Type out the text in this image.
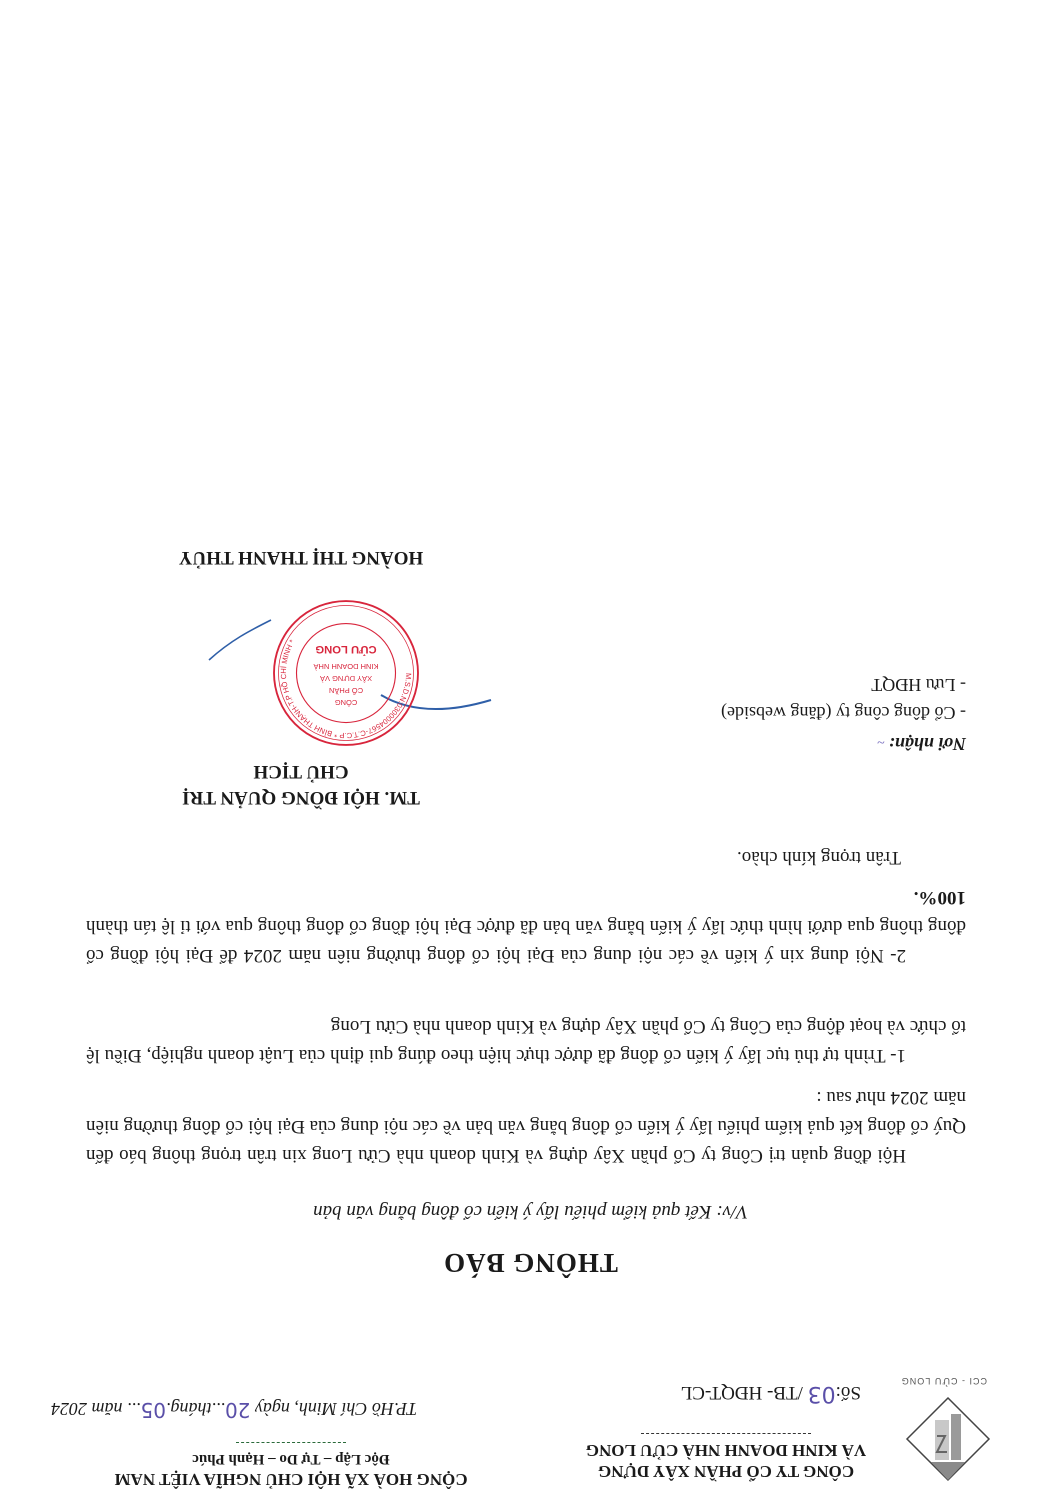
CCI - CỬU LONG
CÔNG TY CỔ PHẦN XÂY DỰNG
VÀ KINH DOANH NHÀ CỬU LONG
Số:03 /TB- HĐQT-CL
CỘNG HOÀ XÃ HỘI CHỦ NGHĨA VIỆT NAM
Độc Lập – Tự Do – Hạnh Phúc
TP.Hồ Chí Minh, ngày 20...tháng.05... năm 2024
THÔNG BÁO
V/v: Kết quả kiểm phiếu lấy ý kiến cổ đông bằng văn bản
Hội đồng quản trị Công ty Cổ phần Xây dựng và Kinh doanh nhà Cửu Long xin trân trọng thông báo đến Quý cổ đông kết quả kiểm phiếu lấy ý kiến cổ đông bằng văn bản về các nội dung của Đại hội cổ đông thường niên năm 2024 như sau :
1- Trình tự thủ tục lấy ý kiến cổ đông đã được thực hiện theo đúng qui định của Luật doanh nghiệp, Điều lệ tổ chức và hoạt động của Công ty Cổ phần Xây dựng và Kinh doanh nhà Cửu Long
2- Nội dung xin ý kiến về các nội dung của Đại hội cổ đông thường niên năm 2024 để Đại hội đồng cổ đông thông qua dưới hình thức lấy ý kiến bằng văn bản đã được Đại hội đồng cổ đông thông qua với tỉ lệ tán thành 100%.
Trân trọng kính chào.
Nơi nhận:~
- Cổ đông công ty (đăng webside)
- Lưu HĐQT
TM. HỘI ĐỒNG QUẢN TRỊ
CHỦ TỊCH
HOÀNG THỊ THANH THỦY
M.S.D.N:0300004567-C.T.C.P * BÌNH THẠNH-T.P HỒ CHÍ MINH *
CÔNG
CỔ PHẦN
XÂY DỰNG VÀ
KINH DOANH NHÀ
CỬU LONG
